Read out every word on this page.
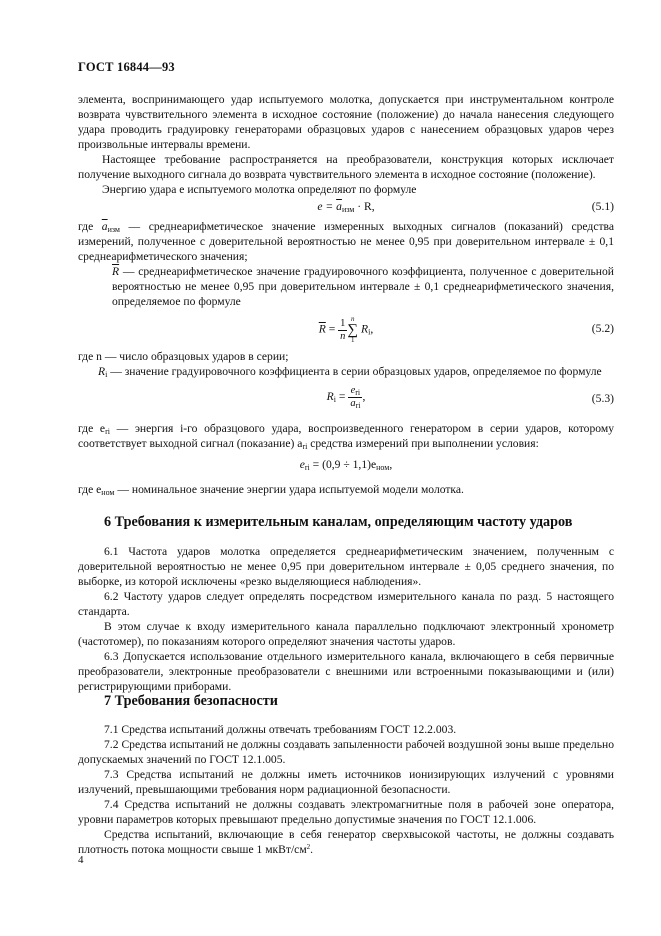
ГОСТ 16844—93

элемента, воспринимающего удар испытуемого молотка, допускается при инструментальном контроле возврата чувствительного элемента в исходное состояние (положение) до начала нанесения следующего удара проводить градуировку генераторами образцовых ударов с нанесением образцовых ударов через произвольные интервалы времени.

Настоящее требование распространяется на преобразователи, конструкция которых исключает получение выходного сигнала до возврата чувствительного элемента в исходное состояние (положение).

Энергию удара e испытуемого молотка определяют по формуле

$e = \overline{a}_{изм} \cdot R$,	(5.1)

где $\overline{a}_{изм}$ — среднеарифметическое значение измеренных выходных сигналов (показаний) средства измерений, полученное с доверительной вероятностью не менее 0,95 при доверительном интервале ± 0,1 среднеарифметического значения;

$\overline{R}$ — среднеарифметическое значение градуировочного коэффициента, полученное с доверительной вероятностью не менее 0,95 при доверительном интервале ± 0,1 среднеарифметического значения, определяемое по формуле

$\overline{R} = \frac{1}{n}$ n
∑
1 $R_i$,	(5.2)

где n — число образцовых ударов в серии;

$R_i$ — значение градуировочного коэффициента в серии образцовых ударов, определяемое по формуле

$R_i = \frac{e_{ri}}{a_{ri}}$ ,	(5.3)

где $e_{ri}$ — энергия i-го образцового удара, воспроизведенного генератором в серии ударов, которому соответствует выходной сигнал (показание) $a_{ri}$ средства измерений при выполнении условия:

$e_{ri} = (0,9 \div 1,1)e_{ном}$,

где $e_{ном}$ — номинальное значение энергии удара испытуемой модели молотка.

6 Требования к измерительным каналам, определяющим частоту ударов

6.1 Частота ударов молотка определяется среднеарифметическим значением, полученным с доверительной вероятностью не менее 0,95 при доверительном интервале ± 0,05 среднего значения, по выборке, из которой исключены «резко выделяющиеся наблюдения».

6.2 Частоту ударов следует определять посредством измерительного канала по разд. 5 настоящего стандарта.

В этом случае к входу измерительного канала параллельно подключают электронный хронометр (частотомер), по показаниям которого определяют значения частоты ударов.

6.3 Допускается использование отдельного измерительного канала, включающего в себя первичные преобразователи, электронные преобразователи с внешними или встроенными показывающими и (или) регистрирующими приборами.

7 Требования безопасности

7.1 Средства испытаний должны отвечать требованиям ГОСТ 12.2.003.

7.2 Средства испытаний не должны создавать запыленности рабочей воздушной зоны выше предельно допускаемых значений по ГОСТ 12.1.005.

7.3 Средства испытаний не должны иметь источников ионизирующих излучений с уровнями излучений, превышающими требования норм радиационной безопасности.

7.4 Средства испытаний не должны создавать электромагнитные поля в рабочей зоне оператора, уровни параметров которых превышают предельно допустимые значения по ГОСТ 12.1.006.

Средства испытаний, включающие в себя генератор сверхвысокой частоты, не должны создавать плотность потока мощности свыше 1 мкВт/$см^2$.

4
